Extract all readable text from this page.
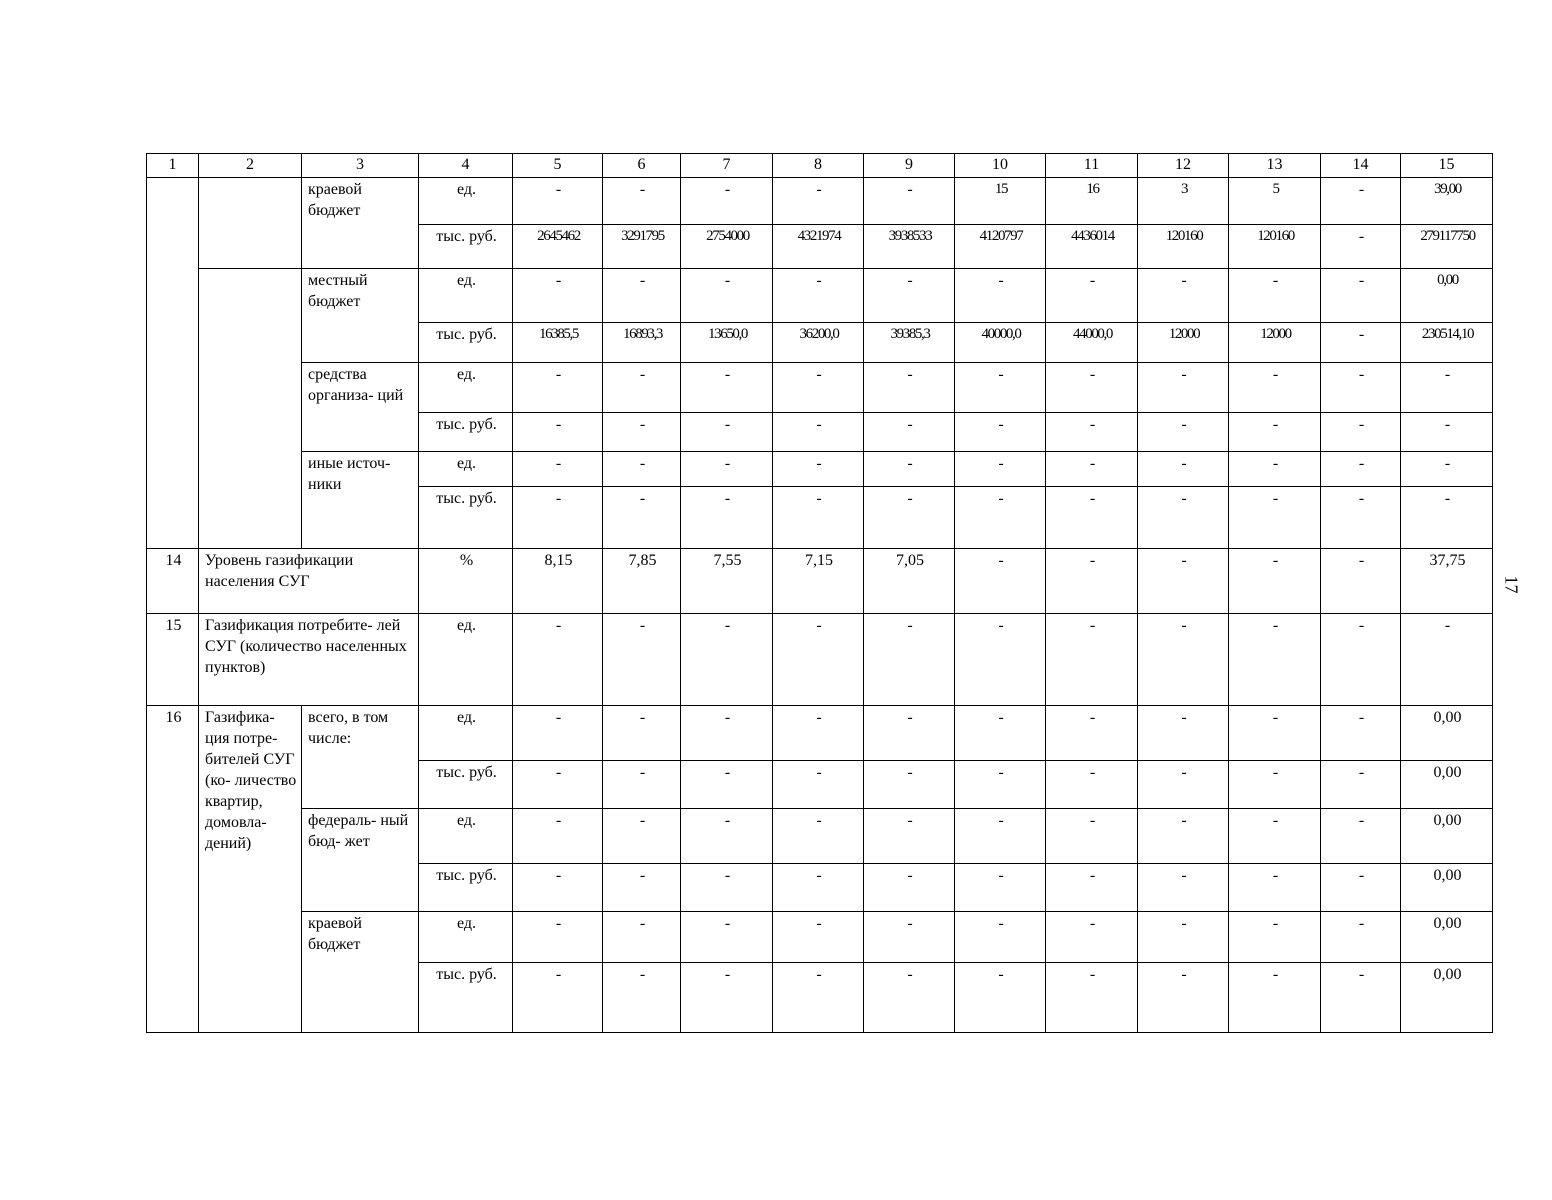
1	2	3	4	5	6	7	8	9	10	11	12	13	14	15
		краевой бюджет	ед.	-	-	-	-	-	15	16	3	5	-	39,00
			тыс. руб.	2645462	3291795	2754000	4321974	3938533	4120797	4436014	120160	120160	-	279117750
		местный бюджет	ед.	-	-	-	-	-	-	-	-	-	-	0,00
			тыс. руб.	16385,5	16893,3	13650,0	36200,0	39385,3	40000,0	44000,0	12000	12000	-	230514,10
		средства организа- ций	ед.	-	-	-	-	-	-	-	-	-	-	-
			тыс. руб.	-	-	-	-	-	-	-	-	-	-	-
		иные источ- ники	ед.	-	-	-	-	-	-	-	-	-	-	-
			тыс. руб.	-	-	-	-	-	-	-	-	-	-	-
14	Уровень газификации населения СУГ		%	8,15	7,85	7,55	7,15	7,05	-	-	-	-	-	37,75
15	Газификация потребите- лей СУГ (количество населенных пунктов)		ед.	-	-	-	-	-	-	-	-	-	-	-
16	Газифика- ция потре- бителей СУГ (ко- личество квартир, домовла- дений)	всего, в том числе:	ед.	-	-	-	-	-	-	-	-	-	-	0,00
			тыс. руб.	-	-	-	-	-	-	-	-	-	-	0,00
		федераль- ный бюд- жет	ед.	-	-	-	-	-	-	-	-	-	-	0,00
			тыс. руб.	-	-	-	-	-	-	-	-	-	-	0,00
		краевой бюджет	ед.	-	-	-	-	-	-	-	-	-	-	0,00
			тыс. руб.	-	-	-	-	-	-	-	-	-	-	0,00
17
